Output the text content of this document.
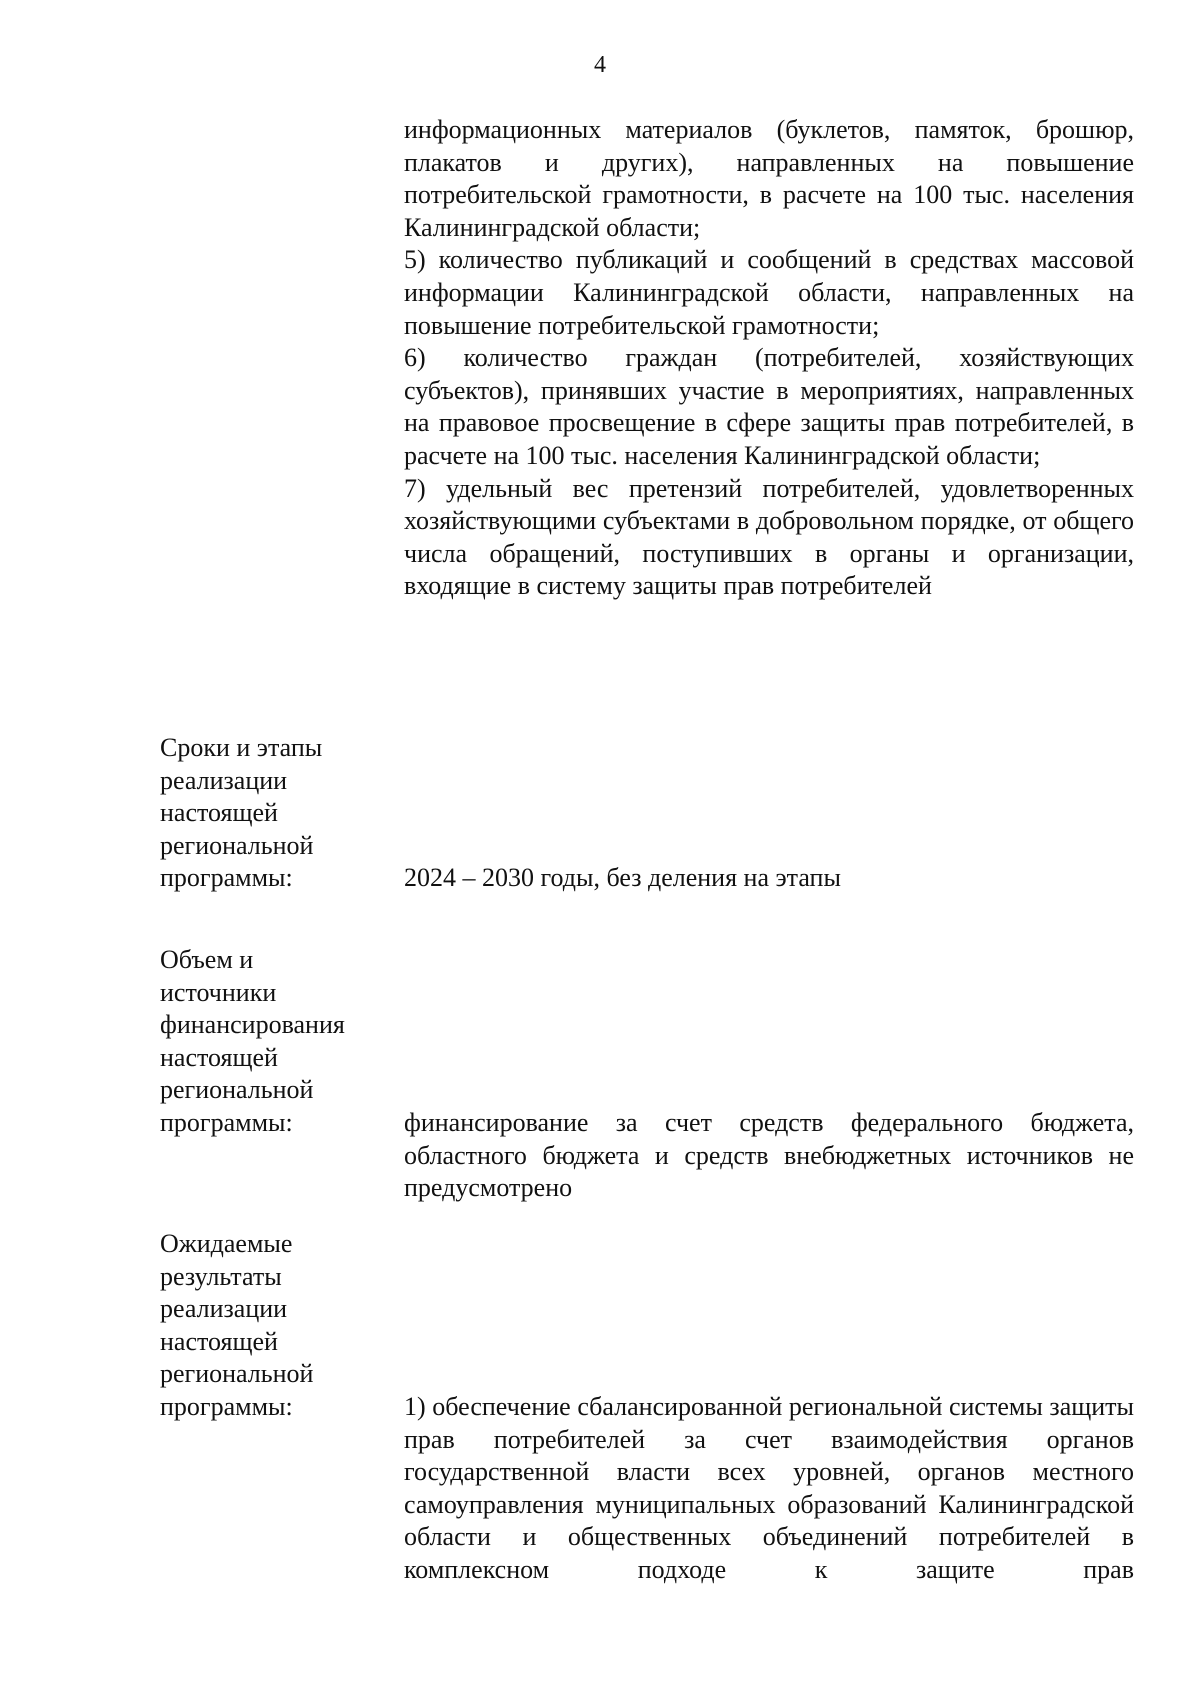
4

информационных материалов (буклетов, памяток, брошюр, плакатов и других), направленных на повышение потребительской грамотности, в расчете на 100 тыс. населения Калининградской области;

5) количество публикаций и сообщений в средствах массовой информации Калининградской области, направленных на повышение потребительской грамотности;

6) количество граждан (потребителей, хозяйствующих субъектов), принявших участие в мероприятиях, направленных на правовое просвещение в сфере защиты прав потребителей, в расчете на 100 тыс. населения Калининградской области;

7) удельный вес претензий потребителей, удовлетворенных хозяйствующими субъектами в добровольном порядке, от общего числа обращений, поступивших в органы и организации, входящие в систему защиты прав потребителей

Сроки и этапы
реализации
настоящей
региональной
программы:	2024 – 2030 годы, без деления на этапы

Объем и
источники
финансирования
настоящей
региональной
программы:	финансирование за счет средств федерального бюджета, областного бюджета и средств внебюджетных источников не предусмотрено

Ожидаемые
результаты
реализации
настоящей
региональной
программы:	1) обеспечение сбалансированной региональной системы защиты прав потребителей за счет взаимодействия органов государственной власти всех уровней, органов местного самоуправления муниципальных образований Калининградской области и общественных объединений потребителей в комплексном подходе к защите прав
